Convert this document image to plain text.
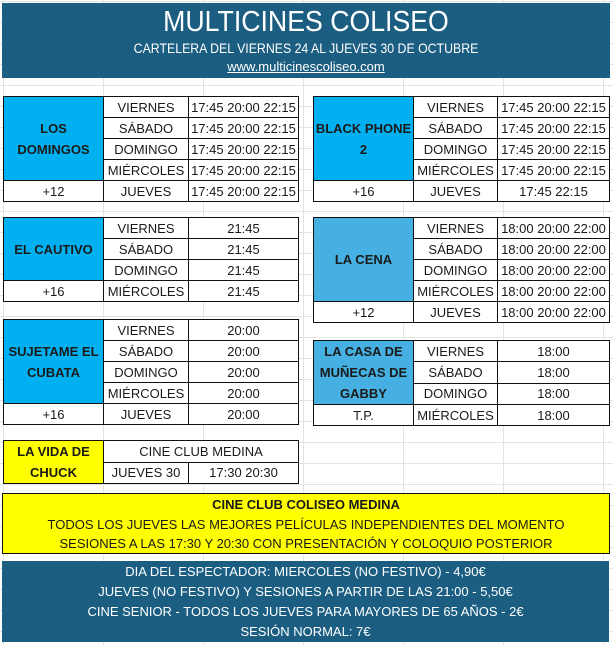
MULTICINES COLISEO
CARTELERA DEL VIERNES 24 AL JUEVES 30 DE OCTUBRE
www.multicinescoliseo.com
LOS DOMINGOS	VIERNES	17:45 20:00 22:15
	SÁBADO	17:45 20:00 22:15
	DOMINGO	17:45 20:00 22:15
	MIÉRCOLES	17:45 20:00 22:15
+12	JUEVES	17:45 20:00 22:15
BLACK PHONE 2	VIERNES	17:45 20:00 22:15
	SÁBADO	17:45 20:00 22:15
	DOMINGO	17:45 20:00 22:15
	MIÉRCOLES	17:45 20:00 22:15
+16	JUEVES	17:45 22:15
EL CAUTIVO	VIERNES	21:45
	SÁBADO	21:45
	DOMINGO	21:45
+16	MIÉRCOLES	21:45
LA CENA	VIERNES	18:00 20:00 22:00
	SÁBADO	18:00 20:00 22:00
	DOMINGO	18:00 20:00 22:00
	MIÉRCOLES	18:00 20:00 22:00
+12	JUEVES	18:00 20:00 22:00
SUJETAME EL CUBATA	VIERNES	20:00
	SÁBADO	20:00
	DOMINGO	20:00
	MIÉRCOLES	20:00
+16	JUEVES	20:00
LA CASA DE MUÑECAS DE GABBY	VIERNES	18:00
	SÁBADO	18:00
	DOMINGO	18:00
T.P.	MIÉRCOLES	18:00
LA VIDA DE CHUCK	CINE CLUB MEDINA	
	JUEVES 30	17:30 20:30
CINE CLUB COLISEO MEDINA
TODOS LOS JUEVES LAS MEJORES PELÍCULAS INDEPENDIENTES DEL MOMENTO
SESIONES A LAS 17:30 Y 20:30 CON PRESENTACIÓN Y COLOQUIO POSTERIOR
DIA DEL ESPECTADOR: MIERCOLES (NO FESTIVO) - 4,90€
JUEVES (NO FESTIVO) Y SESIONES A PARTIR DE LAS 21:00 - 5,50€
CINE SENIOR - TODOS LOS JUEVES PARA MAYORES DE 65 AÑOS - 2€
SESIÓN NORMAL: 7€
